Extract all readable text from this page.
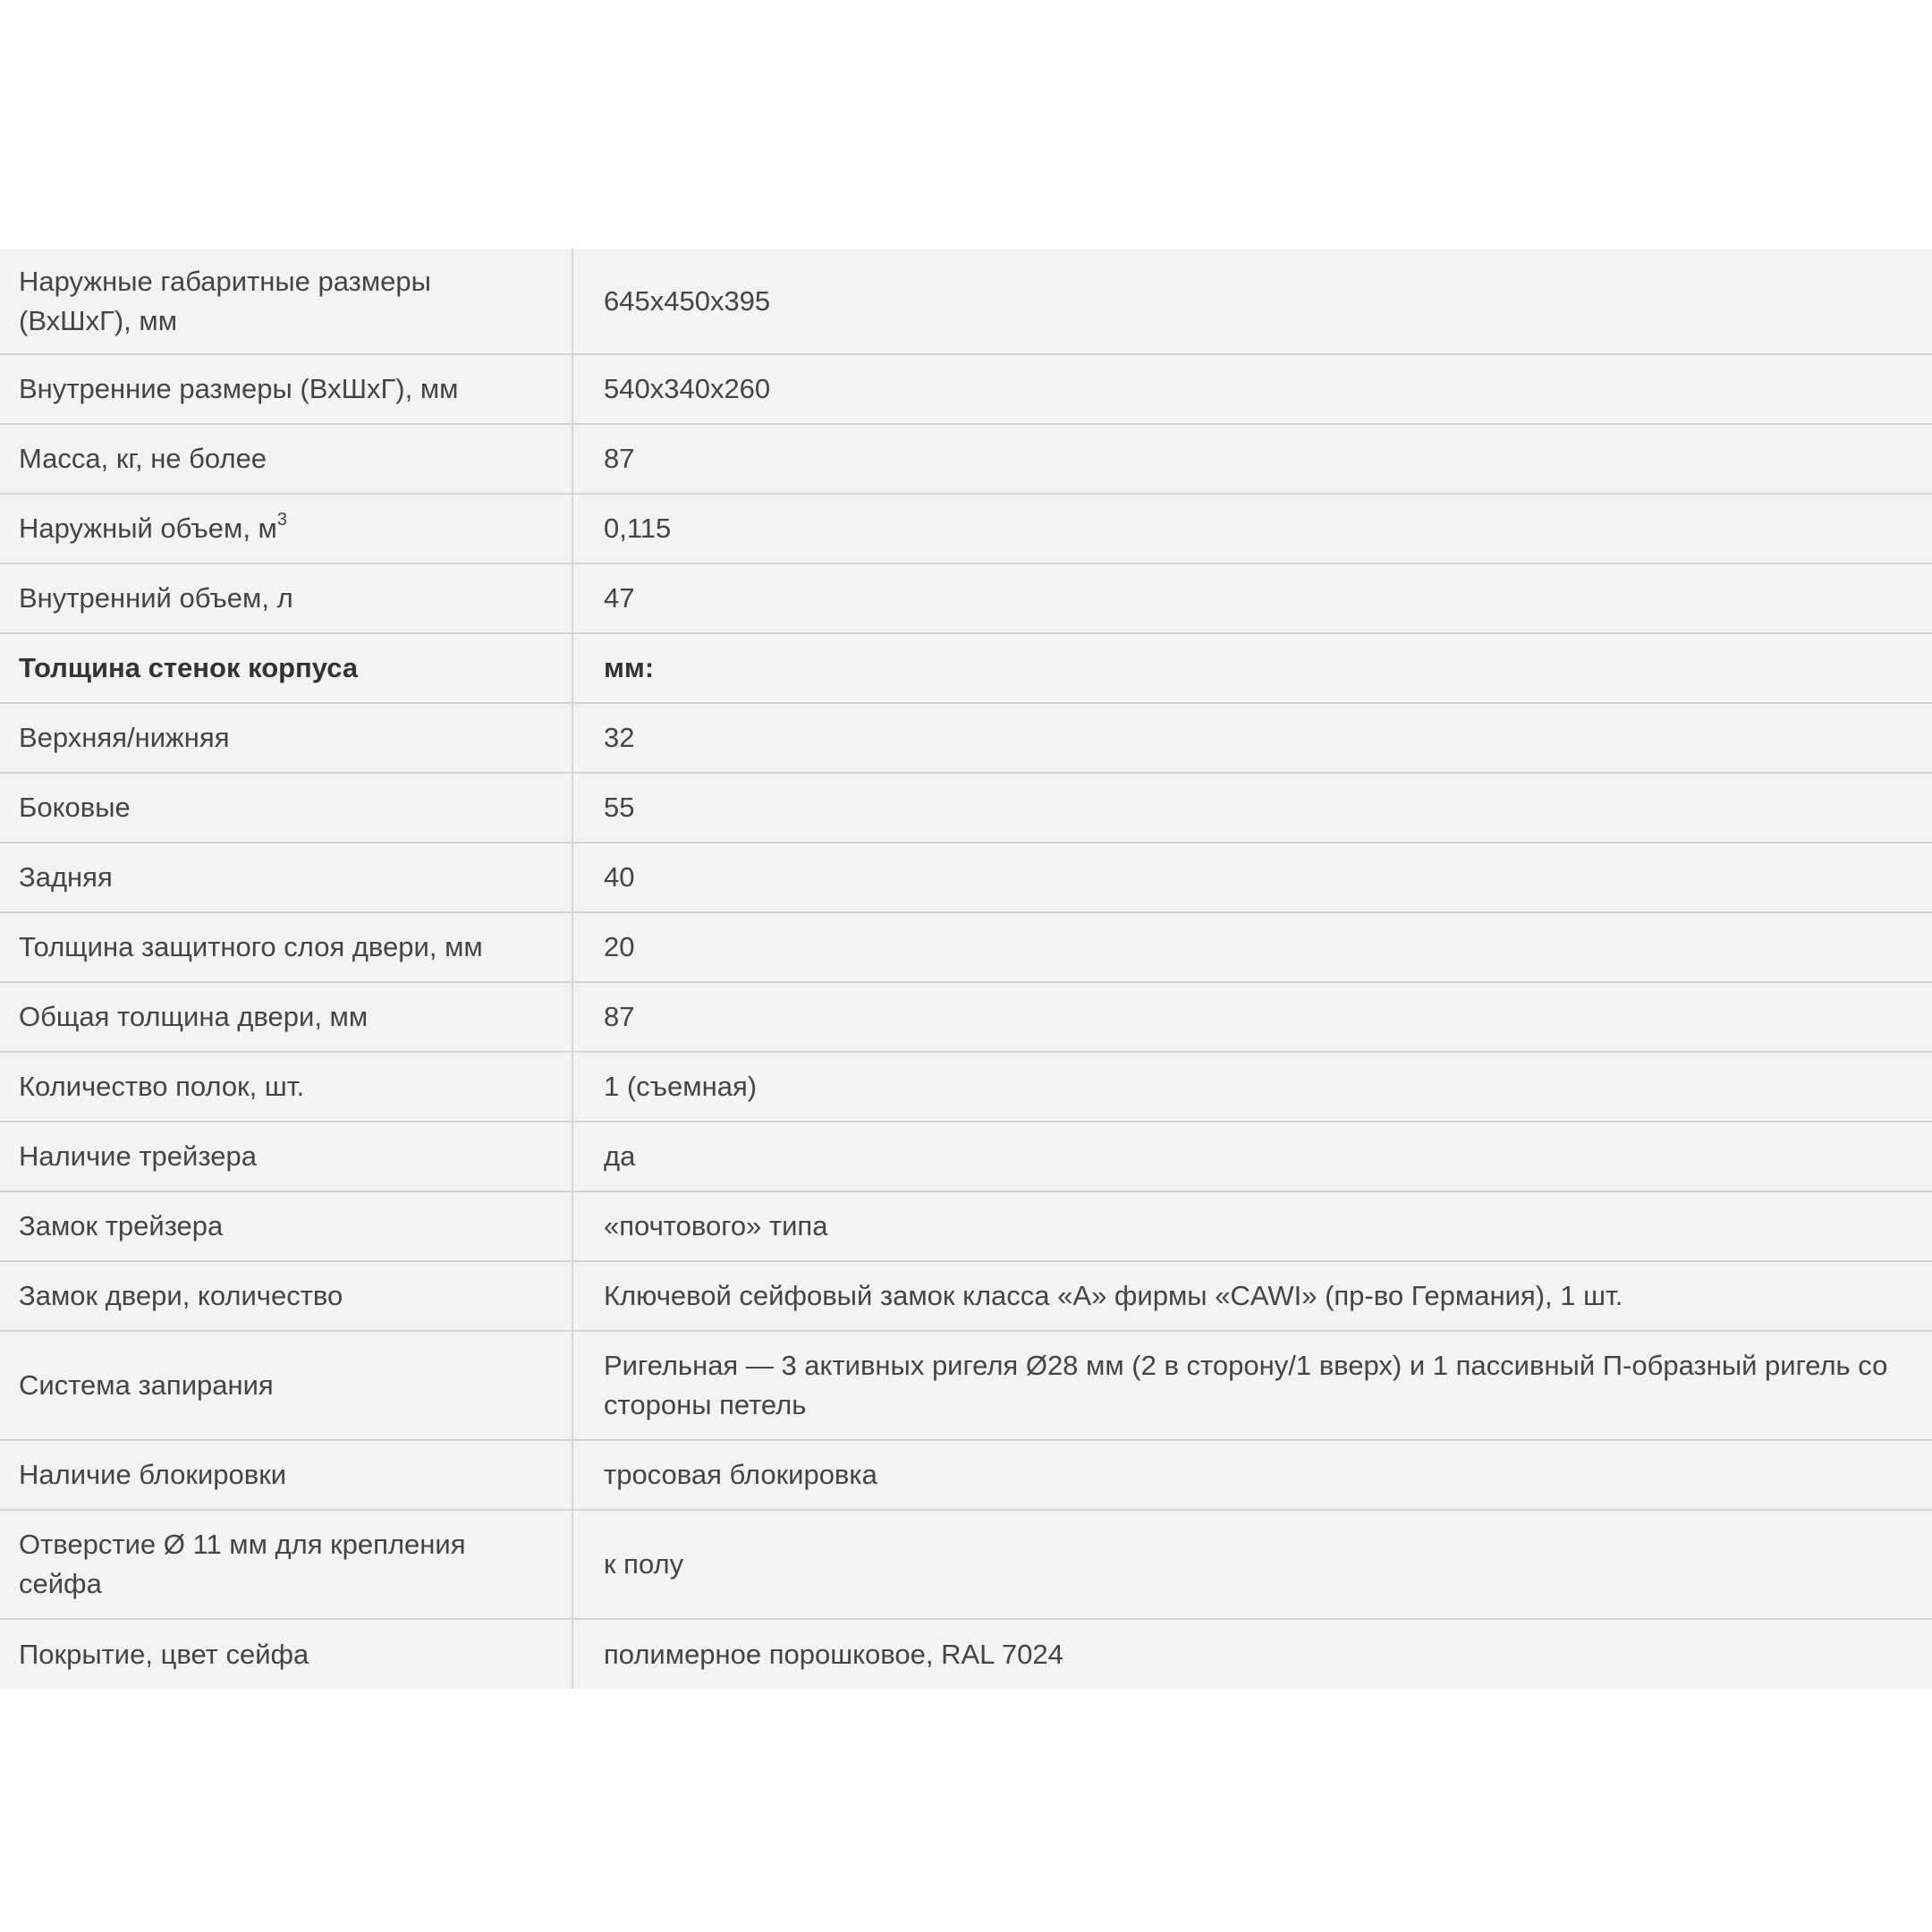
Наружные габаритные размеры (ВхШхГ), мм	645x450x395
Внутренние размеры (ВхШхГ), мм	540x340x260
Масса, кг, не более	87
Наружный объем, $м^3$	0,115
Внутренний объем, л	47
Толщина стенок корпуса	мм:
Верхняя/нижняя	32
Боковые	55
Задняя	40
Толщина защитного слоя двери, мм	20
Общая толщина двери, мм	87
Количество полок, шт.	1 (съемная)
Наличие трейзера	да
Замок трейзера	«почтового» типа
Замок двери, количество	Ключевой сейфовый замок класса «А» фирмы «CAWI» (пр-во Германия), 1 шт.
Система запирания	Ригельная — 3 активных ригеля Ø28 мм (2 в сторону/1 вверх) и 1 пассивный П-образный ригель со стороны петель
Наличие блокировки	тросовая блокировка
Отверстие Ø 11 мм для крепления сейфа	к полу
Покрытие, цвет сейфа	полимерное порошковое, RAL 7024
